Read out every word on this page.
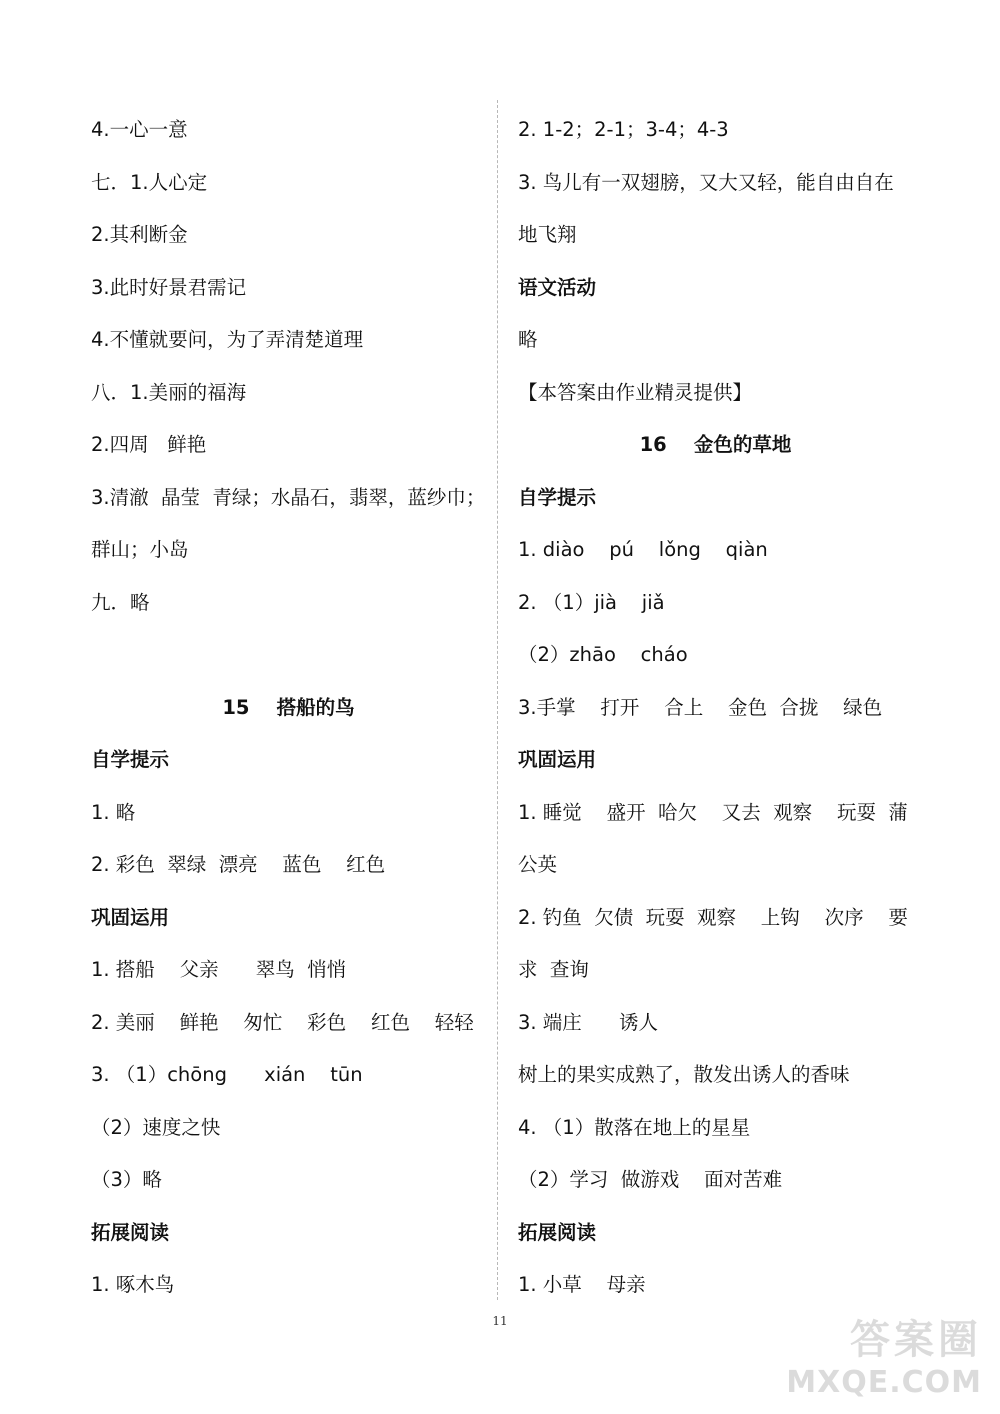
4.一心一意
七．1.人心定
2.其利断金
3.此时好景君需记
4.不懂就要问，为了弄清楚道理
八．1.美丽的福海
2.四周   鲜艳
3.清澈  晶莹  青绿；水晶石，翡翠，蓝纱巾；
群山；小岛
九．略
15    搭船的鸟
自学提示
1. 略
2. 彩色  翠绿  漂亮    蓝色    红色
巩固运用
1. 搭船    父亲      翠鸟  悄悄
2. 美丽    鲜艳    匆忙    彩色    红色    轻轻
3. （1）chōng      xián    tūn
（2）速度之快
（3）略
拓展阅读
1. 啄木鸟
2. 1-2；2-1；3-4；4-3
3. 鸟儿有一双翅膀，又大又轻，能自由自在
地飞翔
语文活动
略
【本答案由作业精灵提供】
16    金色的草地
自学提示
1. diào    pú    lǒng    qiàn
2. （1）jià    jiǎ
（2）zhāo    cháo
3.手掌    打开    合上    金色  合拢    绿色
巩固运用
1. 睡觉    盛开  哈欠    又去  观察    玩耍  蒲
公英
2. 钓鱼  欠债  玩耍  观察    上钩    次序    要
求  查询
3. 端庄      诱人
树上的果实成熟了，散发出诱人的香味
4. （1）散落在地上的星星
（2）学习  做游戏    面对苦难
拓展阅读
1. 小草    母亲
11	答案圈
MXQE.COM
